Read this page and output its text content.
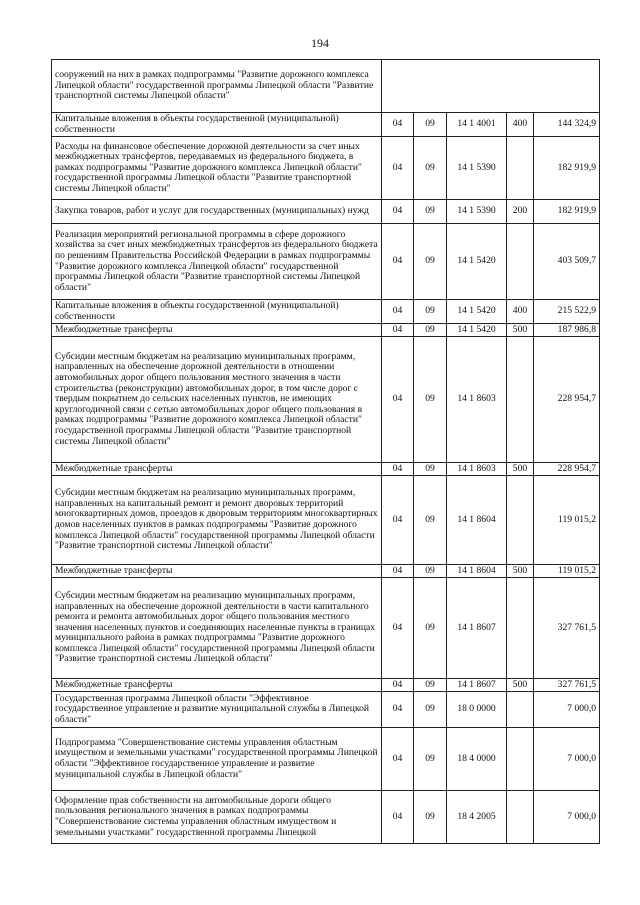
194
сооружений на них в рамках подпрограммы "Развитие дорожного комплекса Липецкой области" государственной программы Липецкой области "Развитие транспортной системы Липецкой области"					
Капитальные вложения в объекты государственной (муниципальной) собственности	04	09	14 1 4001	400	144 324,9
Расходы на финансовое обеспечение дорожной деятельности за счет иных межбюджетных трансфертов, передаваемых из федерального бюджета, в рамках подпрограммы "Развитие дорожного комплекса Липецкой области" государственной программы Липецкой области "Развитие транспортной системы Липецкой области"	04	09	14 1 5390		182 919,9
Закупка товаров, работ и услуг для государственных (муниципальных) нужд	04	09	14 1 5390	200	182 919,9
Реализация мероприятий региональной программы в сфере дорожного хозяйства за счет иных межбюджетных трансфертов из федерального бюджета по решениям Правительства Российской Федерации в рамках подпрограммы "Развитие дорожного комплекса Липецкой области" государственной программы Липецкой области "Развитие транспортной системы Липецкой области"	04	09	14 1 5420		403 509,7
Капитальные вложения в объекты государственной (муниципальной) собственности	04	09	14 1 5420	400	215 522,9
Межбюджетные трансферты	04	09	14 1 5420	500	187 986,8
Субсидии местным бюджетам на реализацию муниципальных программ, направленных на обеспечение дорожной деятельности в отношении автомобильных дорог общего пользования местного значения в части строительства (реконструкции) автомобильных дорог, в том числе дорог с твердым покрытием до сельских населенных пунктов, не имеющих круглогодичной связи с сетью автомобильных дорог общего пользования в рамках подпрограммы "Развитие дорожного комплекса Липецкой области" государственной программы Липецкой области "Развитие транспортной системы Липецкой области"	04	09	14 1 8603		228 954,7
Межбюджетные трансферты	04	09	14 1 8603	500	228 954,7
Субсидии местным бюджетам на реализацию муниципальных программ, направленных на капитальный ремонт и ремонт дворовых территорий многоквартирных домов, проездов к дворовым территориям многоквартирных домов населенных пунктов в рамках подпрограммы "Развитие дорожного комплекса Липецкой области" государственной программы Липецкой области "Развитие транспортной системы Липецкой области"	04	09	14 1 8604		119 015,2
Межбюджетные трансферты	04	09	14 1 8604	500	119 015,2
Субсидии местным бюджетам на реализацию муниципальных программ, направленных на обеспечение дорожной деятельности в части капитального ремонта и ремонта автомобильных дорог общего пользования местного значения населенных пунктов и соединяющих населенные пункты в границах муниципального района в рамках подпрограммы "Развитие дорожного комплекса Липецкой области" государственной программы Липецкой области "Развитие транспортной системы Липецкой области"	04	09	14 1 8607		327 761,5
Межбюджетные трансферты	04	09	14 1 8607	500	327 761,5
Государственная программа Липецкой области "Эффективное государственное управление и развитие муниципальной службы в Липецкой области"	04	09	18 0 0000		7 000,0
Подпрограмма "Совершенствование системы управления областным имуществом и земельными участками" государственной программы Липецкой области "Эффективное государственное управление и развитие муниципальной службы в Липецкой области"	04	09	18 4 0000		7 000,0
Оформление прав собственности на автомобильные дороги общего пользования регионального значения в рамках подпрограммы "Совершенствование системы управления областным имуществом и земельными участками" государственной программы Липецкой	04	09	18 4 2005		7 000,0
